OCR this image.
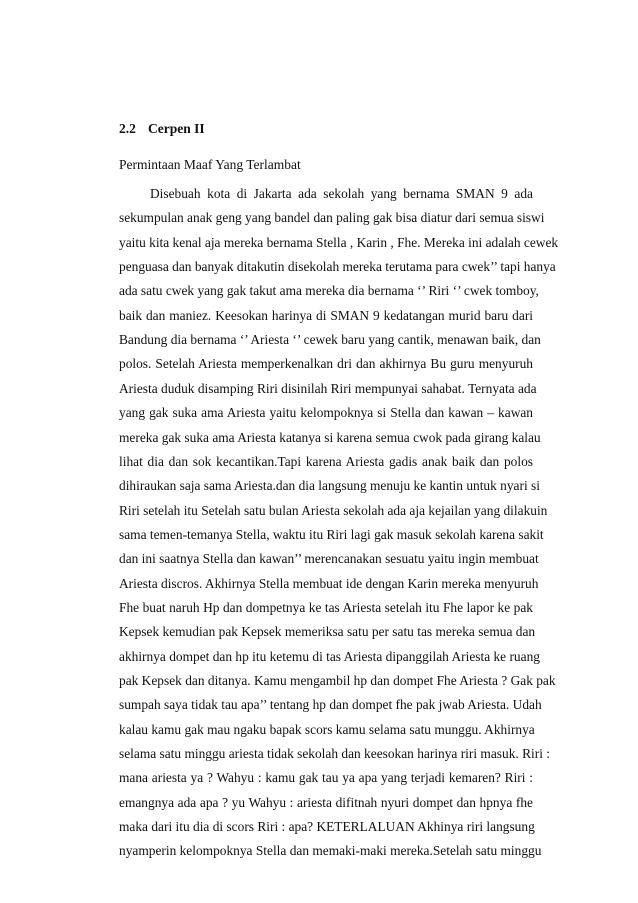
2.2 Cerpen II
Permintaan Maaf Yang Terlambat
Disebuah kota di Jakarta ada sekolah yang bernama SMAN 9 ada
sekumpulan anak geng yang bandel dan paling gak bisa diatur dari semua siswi
yaitu kita kenal aja mereka bernama Stella , Karin , Fhe. Mereka ini adalah cewek
penguasa dan banyak ditakutin disekolah mereka terutama para cwek’’ tapi hanya
ada satu cwek yang gak takut ama mereka dia bernama ‘’ Riri ‘’ cwek tomboy,
baik dan maniez. Keesokan harinya di SMAN 9 kedatangan murid baru dari
Bandung dia bernama ‘’ Ariesta ‘’ cewek baru yang cantik, menawan baik, dan
polos. Setelah Ariesta memperkenalkan dri dan akhirnya Bu guru menyuruh
Ariesta duduk disamping Riri disinilah Riri mempunyai sahabat. Ternyata ada
yang gak suka ama Ariesta yaitu kelompoknya si Stella dan kawan – kawan
mereka gak suka ama Ariesta katanya si karena semua cwok pada girang kalau
lihat dia dan sok kecantikan.Tapi karena Ariesta gadis anak baik dan polos
dihiraukan saja sama Ariesta.dan dia langsung menuju ke kantin untuk nyari si
Riri setelah itu Setelah satu bulan Ariesta sekolah ada aja kejailan yang dilakuin
sama temen-temanya Stella, waktu itu Riri lagi gak masuk sekolah karena sakit
dan ini saatnya Stella dan kawan’’ merencanakan sesuatu yaitu ingin membuat
Ariesta discros. Akhirnya Stella membuat ide dengan Karin mereka menyuruh
Fhe buat naruh Hp dan dompetnya ke tas Ariesta setelah itu Fhe lapor ke pak
Kepsek kemudian pak Kepsek memeriksa satu per satu tas mereka semua dan
akhirnya dompet dan hp itu ketemu di tas Ariesta dipanggilah Ariesta ke ruang
pak Kepsek dan ditanya. Kamu mengambil hp dan dompet Fhe Ariesta ? Gak pak
sumpah saya tidak tau apa’’ tentang hp dan dompet fhe pak jwab Ariesta. Udah
kalau kamu gak mau ngaku bapak scors kamu selama satu munggu. Akhirnya
selama satu minggu ariesta tidak sekolah dan keesokan harinya riri masuk. Riri :
mana ariesta ya ? Wahyu : kamu gak tau ya apa yang terjadi kemaren? Riri :
emangnya ada apa ? yu Wahyu : ariesta difitnah nyuri dompet dan hpnya fhe
maka dari itu dia di scors Riri : apa? KETERLALUAN Akhinya riri langsung
nyamperin kelompoknya Stella dan memaki-maki mereka.Setelah satu minggu
